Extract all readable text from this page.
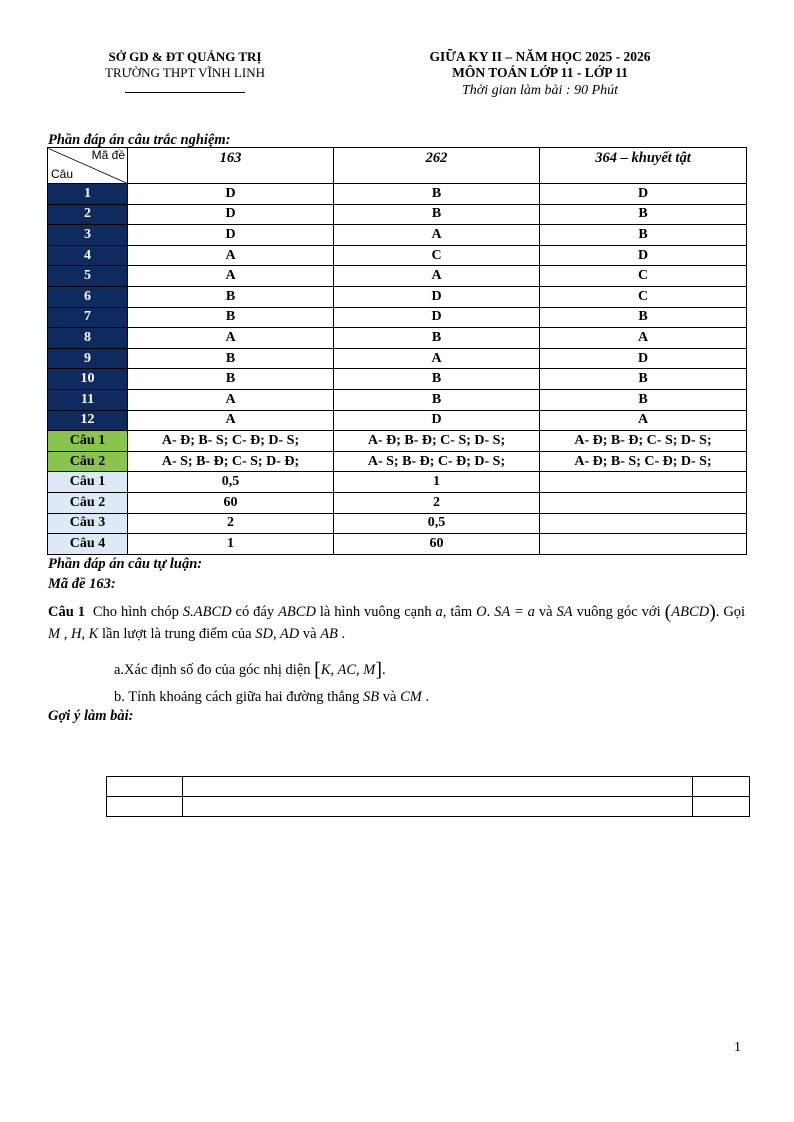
SỞ GD & ĐT QUẢNG TRỊ
TRƯỜNG THPT VĨNH LINH
GIỮA KY II – NĂM HỌC 2025 - 2026
MÔN TOÁN LỚP 11 - LỚP 11
Thời gian làm bài : 90 Phút
Phần đáp án câu trắc nghiệm:
Mã đề
Câu	163	262	364 – khuyết tật
1	D	B	D
2	D	B	B
3	D	A	B
4	A	C	D
5	A	A	C
6	B	D	C
7	B	D	B
8	A	B	A
9	B	A	D
10	B	B	B
11	A	B	B
12	A	D	A
Câu 1	A- Đ; B- S; C- Đ; D- S;	A- Đ; B- Đ; C- S; D- S;	A- Đ; B- Đ; C- S; D- S;
Câu 2	A- S; B- Đ; C- S; D- Đ;	A- S; B- Đ; C- Đ; D- S;	A- Đ; B- S; C- Đ; D- S;
Câu 1	0,5	1	
Câu 2	60	2	
Câu 3	2	0,5	
Câu 4	1	60	
Phần đáp án câu tự luận:
Mã đề 163:
Câu 1 Cho hình chóp S.ABCD có đáy ABCD là hình vuông cạnh a, tâm O. SA = a và SA vuông góc với (ABCD). Gọi M , H, K lần lượt là trung điểm của SD, AD và AB .
a.Xác định số đo của góc nhị diện [K, AC, M].
b. Tính khoảng cách giữa hai đường thẳng SB và CM .
Gợi ý làm bài:

1
